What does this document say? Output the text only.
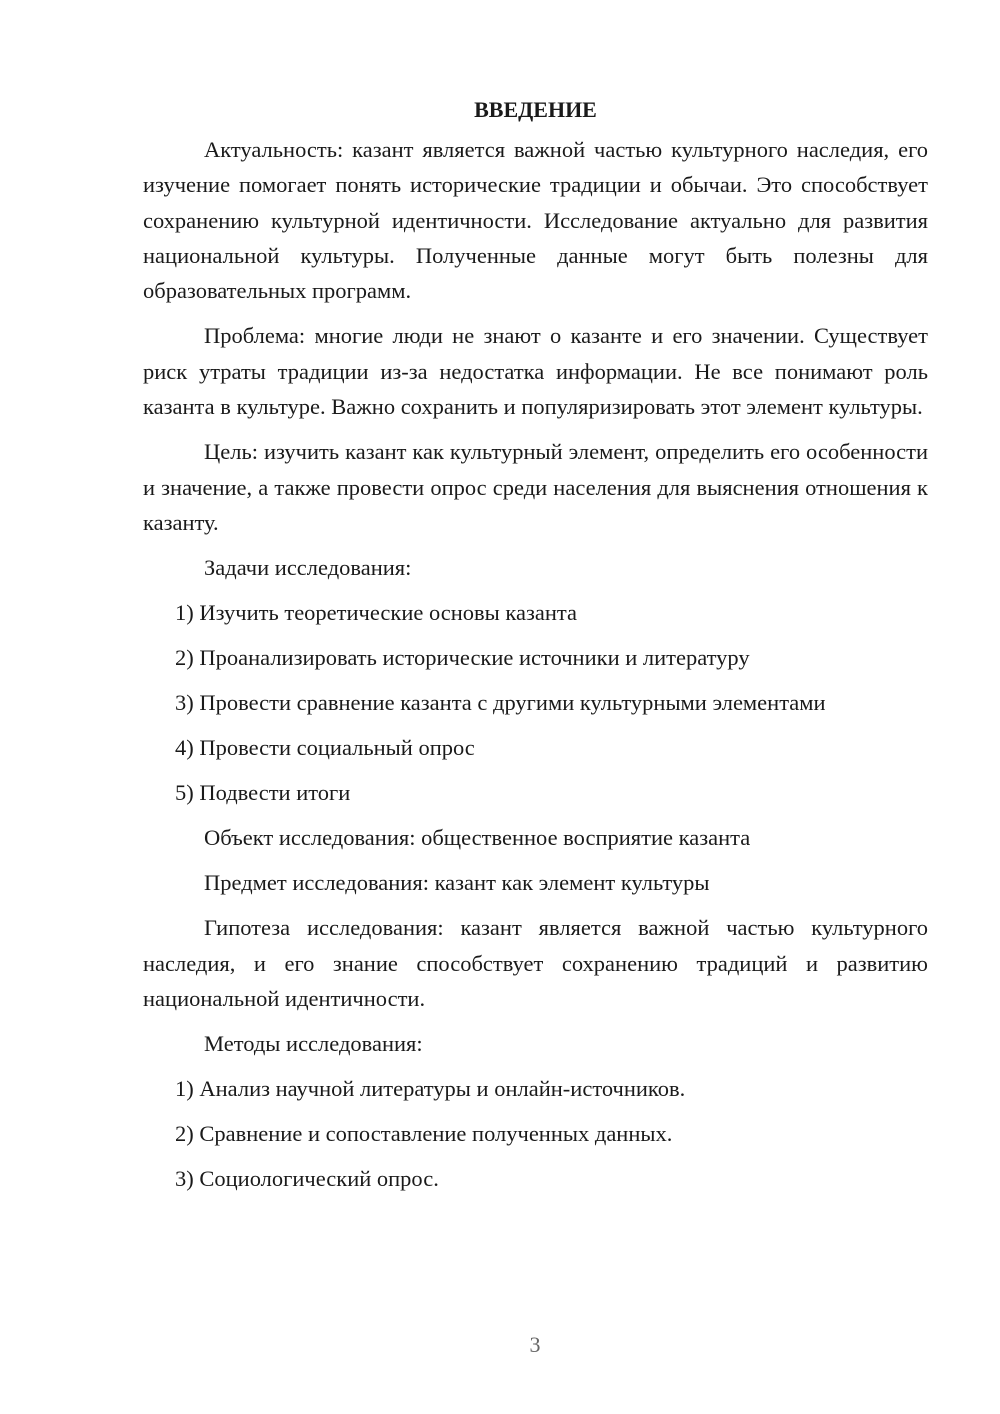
ВВЕДЕНИЕ

Актуальность: казант является важной частью культурного наследия, его изучение помогает понять исторические традиции и обычаи. Это способствует сохранению культурной идентичности. Исследование актуально для развития национальной культуры. Полученные данные могут быть полезны для образовательных программ.

Проблема: многие люди не знают о казанте и его значении. Существует риск утраты традиции из-за недостатка информации. Не все понимают роль казанта в культуре. Важно сохранить и популяризировать этот элемент культуры.

Цель: изучить казант как культурный элемент, определить его особенности и значение, а также провести опрос среди населения для выяснения отношения к казанту.

Задачи исследования:

1) Изучить теоретические основы казанта

2) Проанализировать исторические источники и литературу

3) Провести сравнение казанта с другими культурными элементами

4) Провести социальный опрос

5) Подвести итоги

Объект исследования: общественное восприятие казанта

Предмет исследования: казант как элемент культуры

Гипотеза исследования: казант является важной частью культурного наследия, и его знание способствует сохранению традиций и развитию национальной идентичности.

Методы исследования:

1) Анализ научной литературы и онлайн-источников.

2) Сравнение и сопоставление полученных данных.

3) Социологический опрос.

3
